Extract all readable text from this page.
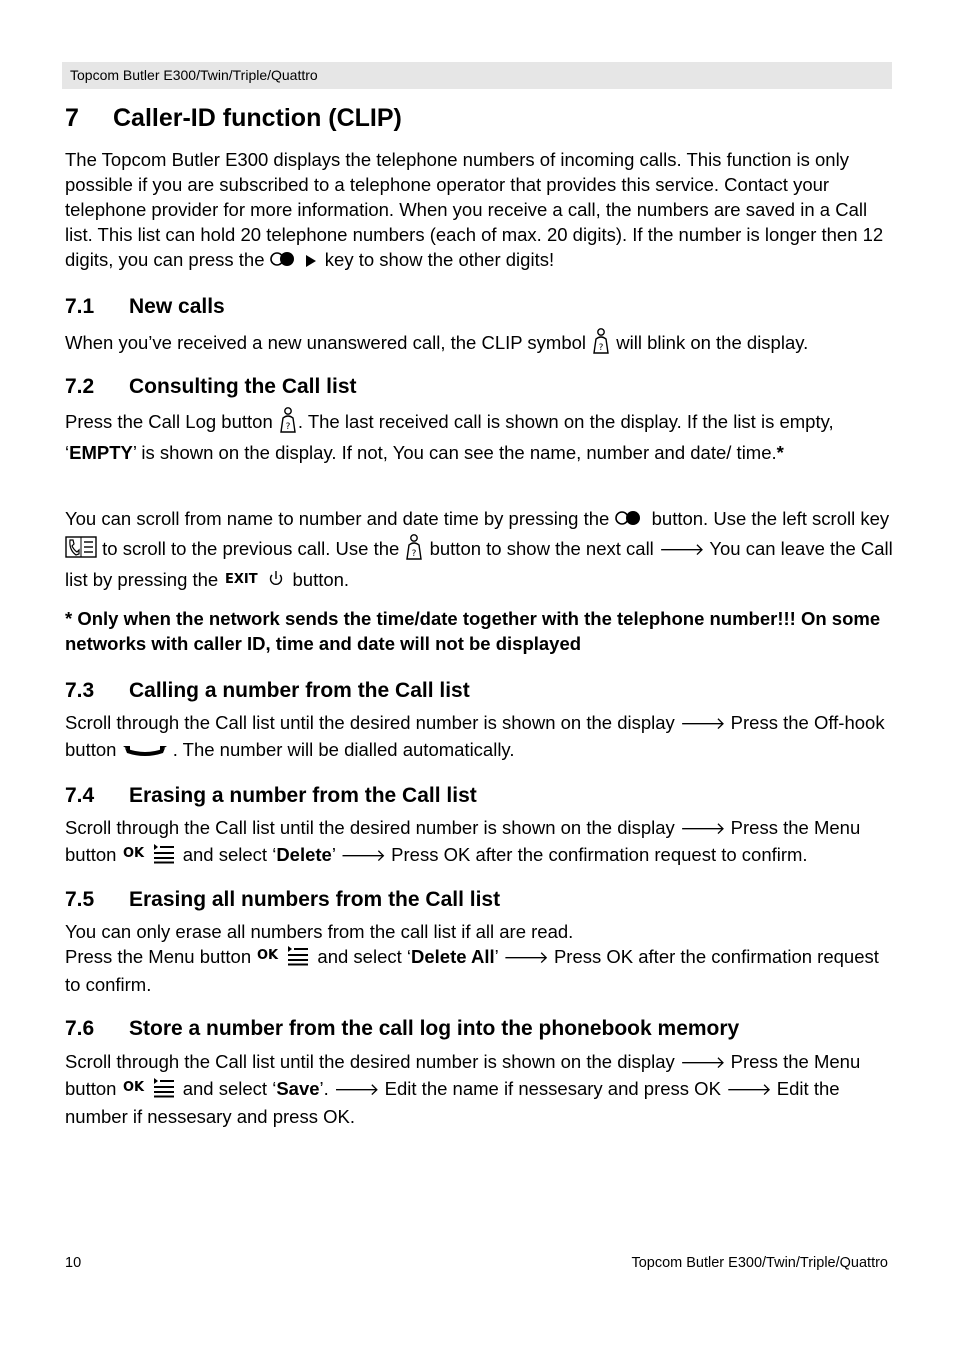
Topcom Butler E300/Twin/Triple/Quattro
7 Caller-ID function (CLIP)

The Topcom Butler E300 displays the telephone numbers of incoming calls. This function is only possible if you are subscribed to a telephone operator that provides this service. Contact your telephone provider for more information. When you receive a call, the numbers are saved in a Call list. This list can hold 20 telephone numbers (each of max. 20 digits). If the number is longer then 12 digits, you can press the	key to show the other digits!

7.1 New calls

When you’ve received a new unanswered call, the CLIP symbol ? will blink on the display.

7.2 Consulting the Call list

Press the Call Log button ? . The last received call is shown on the display. If the list is empty, ‘EMPTY’ is shown on the display. If not, You can see the name, number and date/ time.*

You can scroll from name to number and date time by pressing the  button. Use the left scroll key  to scroll to the previous call. Use the ? button to show the next call 🡒 You can leave the Call list by pressing the EXIT button.

* Only when the network sends the time/date together with the telephone number!!! On some networks with caller ID, time and date will not be displayed

7.3 Calling a number from the Call list

Scroll through the Call list until the desired number is shown on the display 🡒 Press the Off-hook button  . The number will be dialled automatically.

7.4 Erasing a number from the Call list

Scroll through the Call list until the desired number is shown on the display 🡒 Press the Menu button OK and select ‘Delete’ 🡒 Press OK after the confirmation request to confirm.

7.5 Erasing all numbers from the Call list

You can only erase all numbers from the call list if all are read.
Press the Menu button OK and select ‘Delete All’ 🡒 Press OK after the confirmation request to confirm.

7.6 Store a number from the call log into the phonebook memory

Scroll through the Call list until the desired number is shown on the display 🡒 Press the Menu button OK and select ‘Save’. 🡒 Edit the name if nessesary and press OK 🡒 Edit the number if nessesary and press OK.

10	Topcom Butler E300/Twin/Triple/Quattro
